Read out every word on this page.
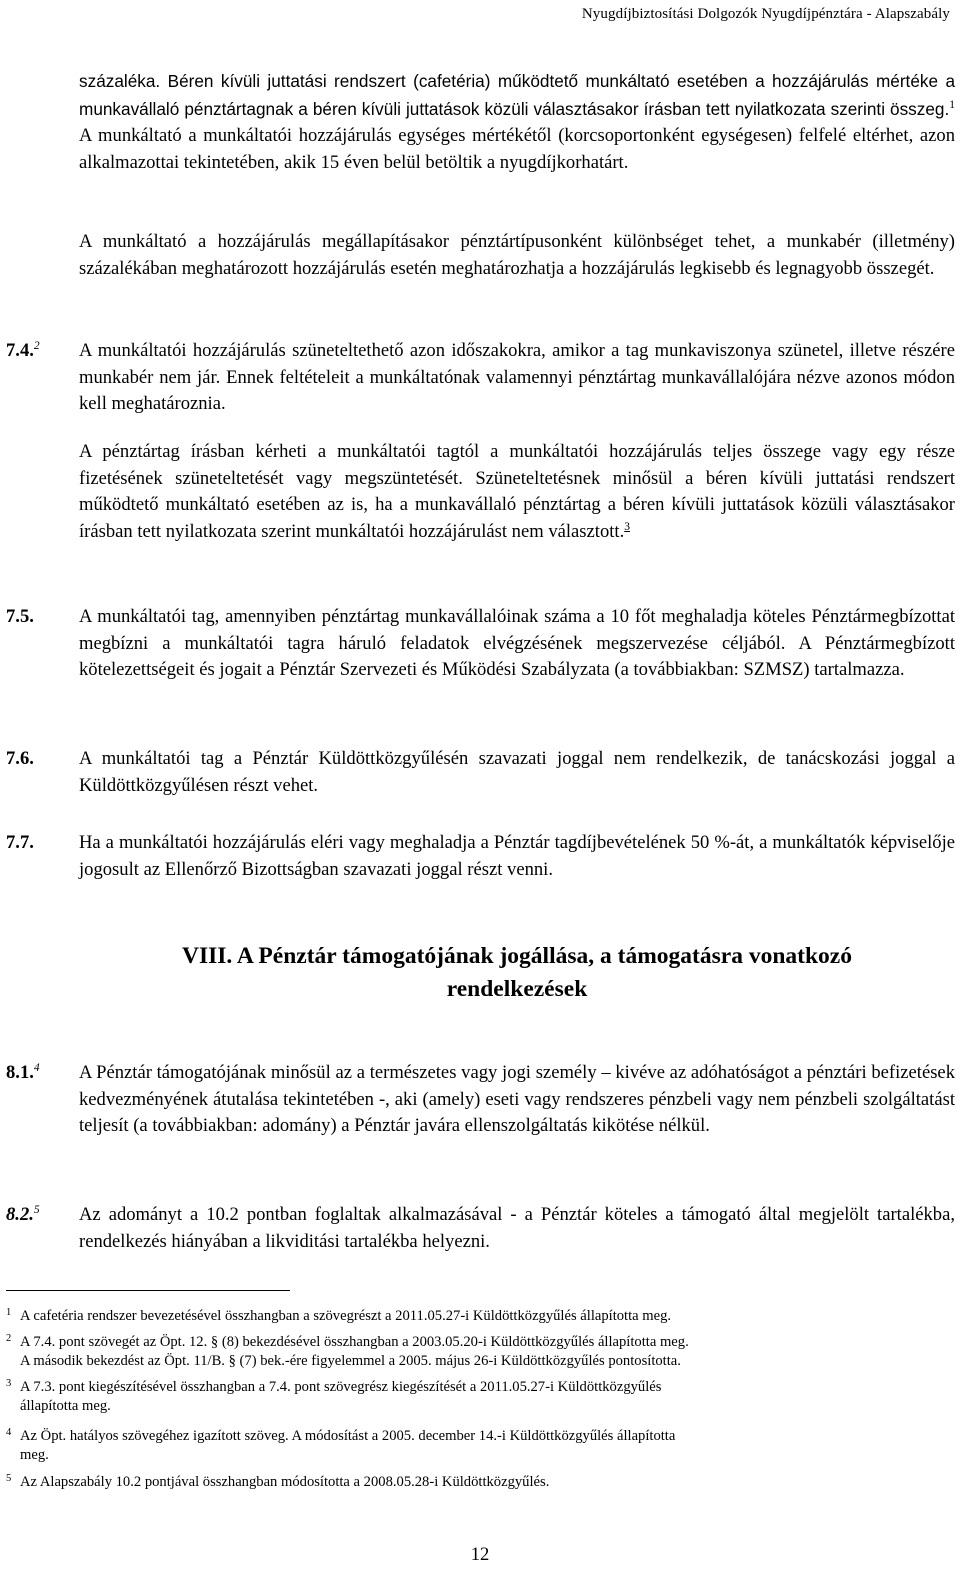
Nyugdíjbiztosítási Dolgozók Nyugdíjpénztára - Alapszabály

százaléka. Béren kívüli juttatási rendszert (cafetéria) működtető munkáltató esetében a hozzájárulás mértéke a munkavállaló pénztártagnak a béren kívüli juttatások közüli választásakor írásban tett nyilatkozata szerinti összeg.$^1$ A munkáltató a munkáltatói hozzájárulás egységes mértékétől (korcsoportonként egységesen) felfelé eltérhet, azon alkalmazottai tekintetében, akik 15 éven belül betöltik a nyugdíjkorhatárt.

A munkáltató a hozzájárulás megállapításakor pénztártípusonként különbséget tehet, a munkabér (illetmény) százalékában meghatározott hozzájárulás esetén meghatározhatja a hozzájárulás legkisebb és legnagyobb összegét.

7.4.$^2$ A munkáltatói hozzájárulás szüneteltethető azon időszakokra, amikor a tag munkaviszonya szünetel, illetve részére munkabér nem jár. Ennek feltételeit a munkáltatónak valamennyi pénztártag munkavállalójára nézve azonos módon kell meghatároznia.

A pénztártag írásban kérheti a munkáltatói tagtól a munkáltatói hozzájárulás teljes összege vagy egy része fizetésének szüneteltetését vagy megszüntetését. Szüneteltetésnek minősül a béren kívüli juttatási rendszert működtető munkáltató esetében az is, ha a munkavállaló pénztártag a béren kívüli juttatások közüli választásakor írásban tett nyilatkozata szerint munkáltatói hozzájárulást nem választott.$^3$

7.5. A munkáltatói tag, amennyiben pénztártag munkavállalóinak száma a 10 főt meghaladja köteles Pénztármegbízottat megbízni a munkáltatói tagra háruló feladatok elvégzésének megszervezése céljából. A Pénztármegbízott kötelezettségeit és jogait a Pénztár Szervezeti és Működési Szabályzata (a továbbiakban: SZMSZ) tartalmazza.

7.6. A munkáltatói tag a Pénztár Küldöttközgyűlésén szavazati joggal nem rendelkezik, de tanácskozási joggal a Küldöttközgyűlésen részt vehet.

7.7. Ha a munkáltatói hozzájárulás eléri vagy meghaladja a Pénztár tagdíjbevételének 50 %-át, a munkáltatók képviselője jogosult az Ellenőrző Bizottságban szavazati joggal részt venni.

VIII. A Pénztár támogatójának jogállása, a támogatásra vonatkozó
rendelkezések
8.1.$^4$ A Pénztár támogatójának minősül az a természetes vagy jogi személy – kivéve az adóhatóságot a pénztári befizetések kedvezményének átutalása tekintetében -, aki (amely) eseti vagy rendszeres pénzbeli vagy nem pénzbeli szolgáltatást teljesít (a továbbiakban: adomány) a Pénztár javára ellenszolgáltatás kikötése nélkül.

8.2.$^5$ Az adományt a 10.2 pontban foglaltak alkalmazásával - a Pénztár köteles a támogató által megjelölt tartalékba, rendelkezés hiányában a likviditási tartalékba helyezni.

1 A cafetéria rendszer bevezetésével összhangban a szövegrészt a 2011.05.27-i Küldöttközgyűlés állapította meg.

2 A 7.4. pont szövegét az Öpt. 12. § (8) bekezdésével összhangban a 2003.05.20-i Küldöttközgyűlés állapította meg.
A második bekezdést az Öpt. 11/B. § (7) bek.-ére figyelemmel a 2005. május 26-i Küldöttközgyűlés pontosította.

3 A 7.3. pont kiegészítésével összhangban a 7.4. pont szövegrész kiegészítését a 2011.05.27-i Küldöttközgyűlés
állapította meg.

4 Az Öpt. hatályos szövegéhez igazított szöveg. A módosítást a 2005. december 14.-i Küldöttközgyűlés állapította
meg.

5 Az Alapszabály 10.2 pontjával összhangban módosította a 2008.05.28-i Küldöttközgyűlés.

12
